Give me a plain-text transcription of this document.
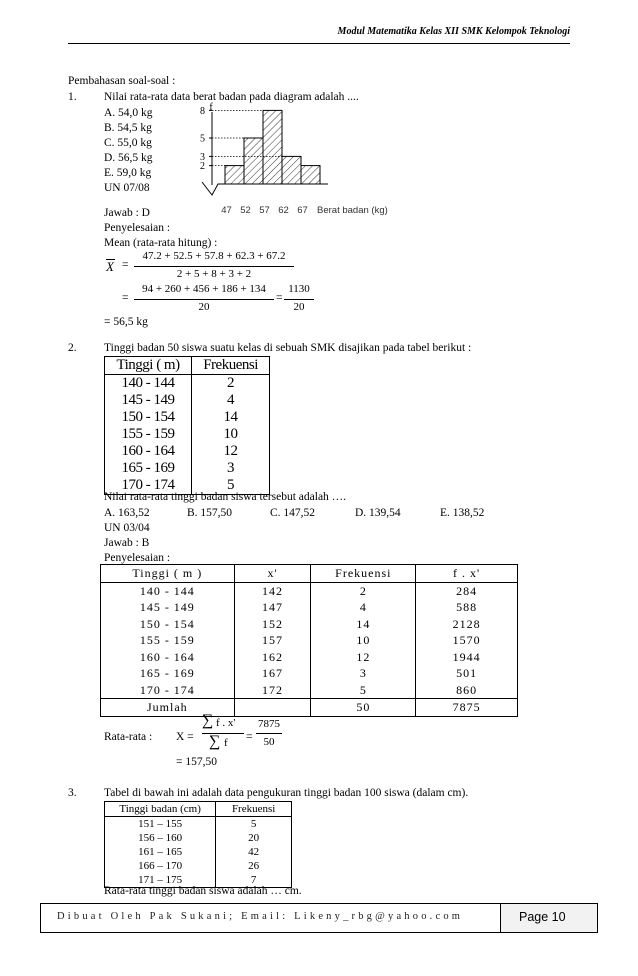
Modul Matematika Kelas XII SMK Kelompok Teknologi
Pembahasan soal-soal :
1. Nilai rata-rata data berat badan pada diagram adalah ....
A. 54,0 kg
B. 54,5 kg
C. 55,0 kg
D. 56,5 kg
E. 59,0 kg
UN 07/08
f
47 52 57 62 67
2
3
5
8
Berat badan (kg)
Jawab : D
Penyelesaian :
Mean (rata-rata hitung) :
X =
47.2 + 52.5 + 57.8 + 62.3 + 67.2
2 + 5 + 8 + 3 + 2
=
94 + 260 + 456 + 186 + 134
20
=
1130
20
= 56,5 kg
2. Tinggi badan 50 siswa suatu kelas di sebuah SMK disajikan pada tabel berikut :
Tinggi ( m)	Frekuensi
140 - 144	2
145 - 149	4
150 - 154	14
155 - 159	10
160 - 164	12
165 - 169	3
170 - 174	5
Nilai rata-rata tinggi badan siswa tersebut adalah ….
A. 163,52	B. 157,50	C. 147,52	D. 139,54	E. 138,52
UN 03/04
Jawab : B
Penyelesaian :
Tinggi ( m )	x'	Frekuensi	f . x'
140 - 144	142	2	284
145 - 149	147	4	588
150 - 154	152	14	2128
155 - 159	157	10	1570
160 - 164	162	12	1944
165 - 169	167	3	501
170 - 174	172	5	860
Jumlah		50	7875
Rata-rata : X =
∑ f . x'
∑ f =
7875
50
= 157,50
3. Tabel di bawah ini adalah data pengukuran tinggi badan 100 siswa (dalam cm).
Tinggi badan (cm)	Frekuensi
151 – 155	5
156 – 160	20
161 – 165	42
166 – 170	26
171 – 175	7
Rata-rata tinggi badan siswa adalah … cm.
Dibuat Oleh Pak Sukani; Email: Likeny_rbg@yahoo.com	Page 10
